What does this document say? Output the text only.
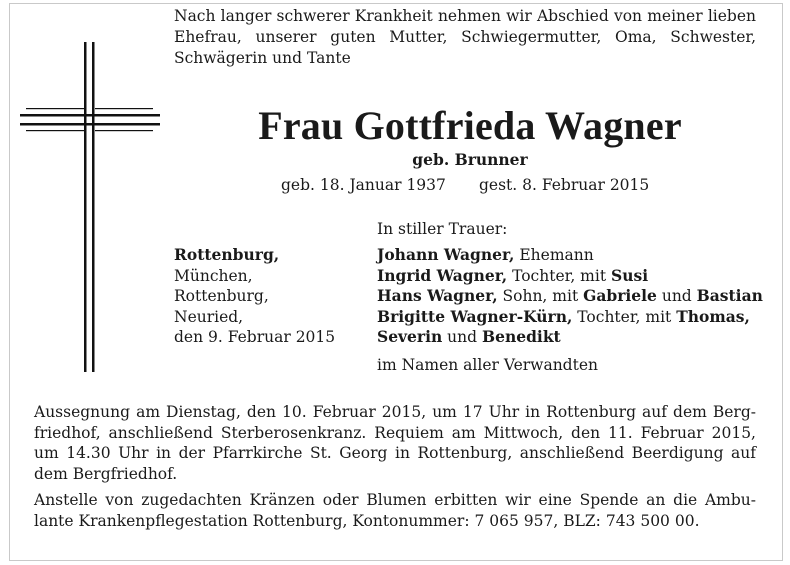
Nach langer schwerer Krankheit nehmen wir Abschied von meiner lieben Ehefrau, unserer guten Mutter, Schwiegermutter, Oma, Schwester, Schwägerin und Tante
Frau Gottfrieda Wagner
geb. Brunner
geb. 18. Januar 1937 gest. 8. Februar 2015
In stiller Trauer:
Rottenburg,
München,
Rottenburg,
Neuried,
den 9. Februar 2015
Johann Wagner, Ehemann
Ingrid Wagner, Tochter, mit Susi
Hans Wagner, Sohn, mit Gabriele und Bastian
Brigitte Wagner-Kürn, Tochter, mit Thomas,
Severin und Benedikt
im Namen aller Verwandten
Aussegnung am Dienstag, den 10. Februar 2015, um 17 Uhr in Rottenburg auf dem Berg-friedhof, anschließend Sterberosenkranz. Requiem am Mittwoch, den 11. Februar 2015, um 14.30 Uhr in der Pfarrkirche St. Georg in Rottenburg, anschließend Beerdigung auf dem Bergfriedhof.
Anstelle von zugedachten Kränzen oder Blumen erbitten wir eine Spende an die Ambu-lante Krankenpflegestation Rottenburg, Kontonummer: 7 065 957, BLZ: 743 500 00.
